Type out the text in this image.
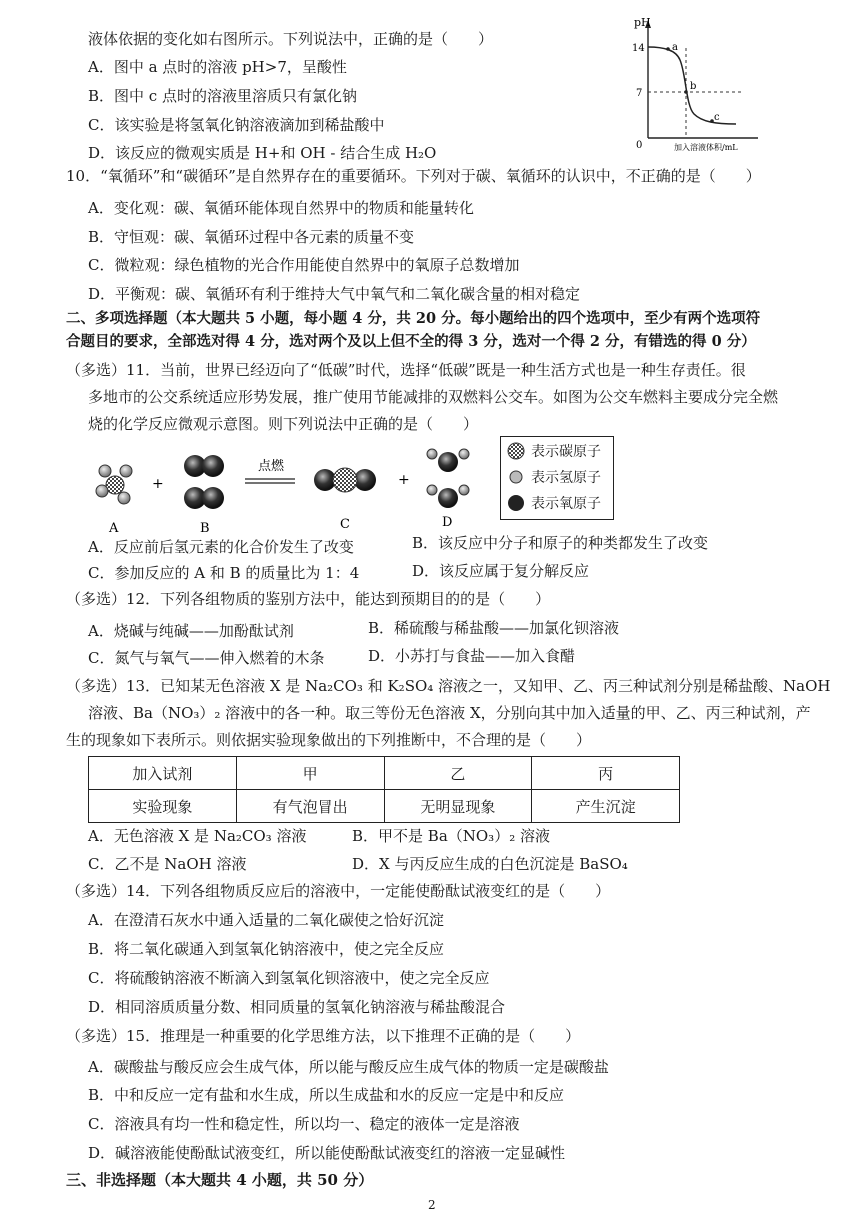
液体依据的变化如右图所示。下列说法中，正确的是（　　）
A．图中 a 点时的溶液 pH>7，呈酸性
B．图中 c 点时的溶液里溶质只有氯化钠
C．该实验是将氢氧化钠溶液滴加到稀盐酸中
D．该反应的微观实质是 H+和 OH - 结合生成 H₂O
pH
14
7
0
a
b
c
加入溶液体积/mL
10．“氧循环”和“碳循环”是自然界存在的重要循环。下列对于碳、氧循环的认识中，不正确的是（　　）
A．变化观：碳、氧循环能体现自然界中的物质和能量转化
B．守恒观：碳、氧循环过程中各元素的质量不变
C．微粒观：绿色植物的光合作用能使自然界中的氧原子总数增加
D．平衡观：碳、氧循环有利于维持大气中氧气和二氧化碳含量的相对稳定
二、多项选择题（本大题共 5 小题，每小题 4 分，共 20 分。每小题给出的四个选项中，至少有两个选项符
合题目的要求，全部选对得 4 分，选对两个及以上但不全的得 3 分，选对一个得 2 分，有错选的得 0 分）
（多选）11．当前，世界已经迈向了“低碳”时代，选择“低碳”既是一种生活方式也是一种生存责任。很
多地市的公交系统适应形势发展，推广使用节能减排的双燃料公交车。如图为公交车燃料主要成分完全燃
烧的化学反应微观示意图。则下列说法中正确的是（　　）
+
点燃
+
A	B	C	D
表示碳原子
表示氢原子
表示氧原子
A．反应前后氢元素的化合价发生了改变	B．该反应中分子和原子的种类都发生了改变
C．参加反应的 A 和 B 的质量比为 1：4	D．该反应属于复分解反应
（多选）12．下列各组物质的鉴别方法中，能达到预期目的的是（　　）
A．烧碱与纯碱——加酚酞试剂	B．稀硫酸与稀盐酸——加氯化钡溶液
C．氮气与氧气——伸入燃着的木条	D．小苏打与食盐——加入食醋
（多选）13．已知某无色溶液 X 是 Na₂CO₃ 和 K₂SO₄ 溶液之一，又知甲、乙、丙三种试剂分别是稀盐酸、NaOH
溶液、Ba（NO₃）₂ 溶液中的各一种。取三等份无色溶液 X，分别向其中加入适量的甲、乙、丙三种试剂，产
生的现象如下表所示。则依据实验现象做出的下列推断中，不合理的是（　　）
加入试剂	甲	乙	丙
实验现象	有气泡冒出	无明显现象	产生沉淀
A．无色溶液 X 是 Na₂CO₃ 溶液	B．甲不是 Ba（NO₃）₂ 溶液
C．乙不是 NaOH 溶液	D．X 与丙反应生成的白色沉淀是 BaSO₄
（多选）14．下列各组物质反应后的溶液中，一定能使酚酞试液变红的是（　　）
A．在澄清石灰水中通入适量的二氧化碳使之恰好沉淀
B．将二氧化碳通入到氢氧化钠溶液中，使之完全反应
C．将硫酸钠溶液不断滴入到氢氧化钡溶液中，使之完全反应
D．相同溶质质量分数、相同质量的氢氧化钠溶液与稀盐酸混合
（多选）15．推理是一种重要的化学思维方法，以下推理不正确的是（　　）
A．碳酸盐与酸反应会生成气体，所以能与酸反应生成气体的物质一定是碳酸盐
B．中和反应一定有盐和水生成，所以生成盐和水的反应一定是中和反应
C．溶液具有均一性和稳定性，所以均一、稳定的液体一定是溶液
D．碱溶液能使酚酞试液变红，所以能使酚酞试液变红的溶液一定显碱性
三、非选择题（本大题共 4 小题，共 50 分）
2
